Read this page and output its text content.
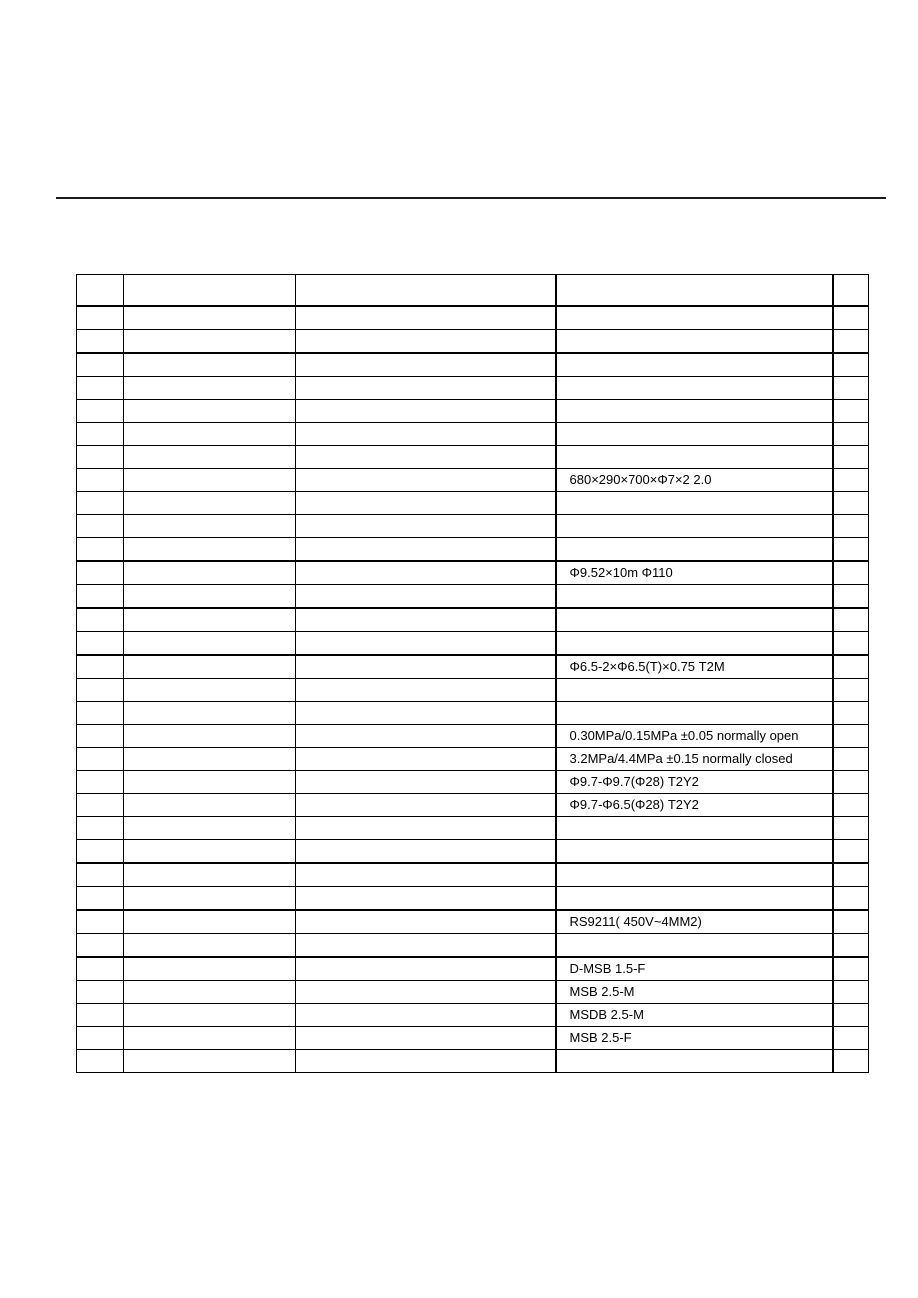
			680×290×700×Φ7×2 2.0	

			Φ9.52×10m Φ110	

			Φ6.5-2×Φ6.5(T)×0.75 T2M	

			0.30MPa/0.15MPa ±0.05 normally open	
			3.2MPa/4.4MPa ±0.15 normally closed	
			Φ9.7-Φ9.7(Φ28) T2Y2	
			Φ9.7-Φ6.5(Φ28) T2Y2	

			RS9211( 450V~4MM2)	

			D-MSB 1.5-F	
			MSB 2.5-M	
			MSDB 2.5-M	
			MSB 2.5-F	
